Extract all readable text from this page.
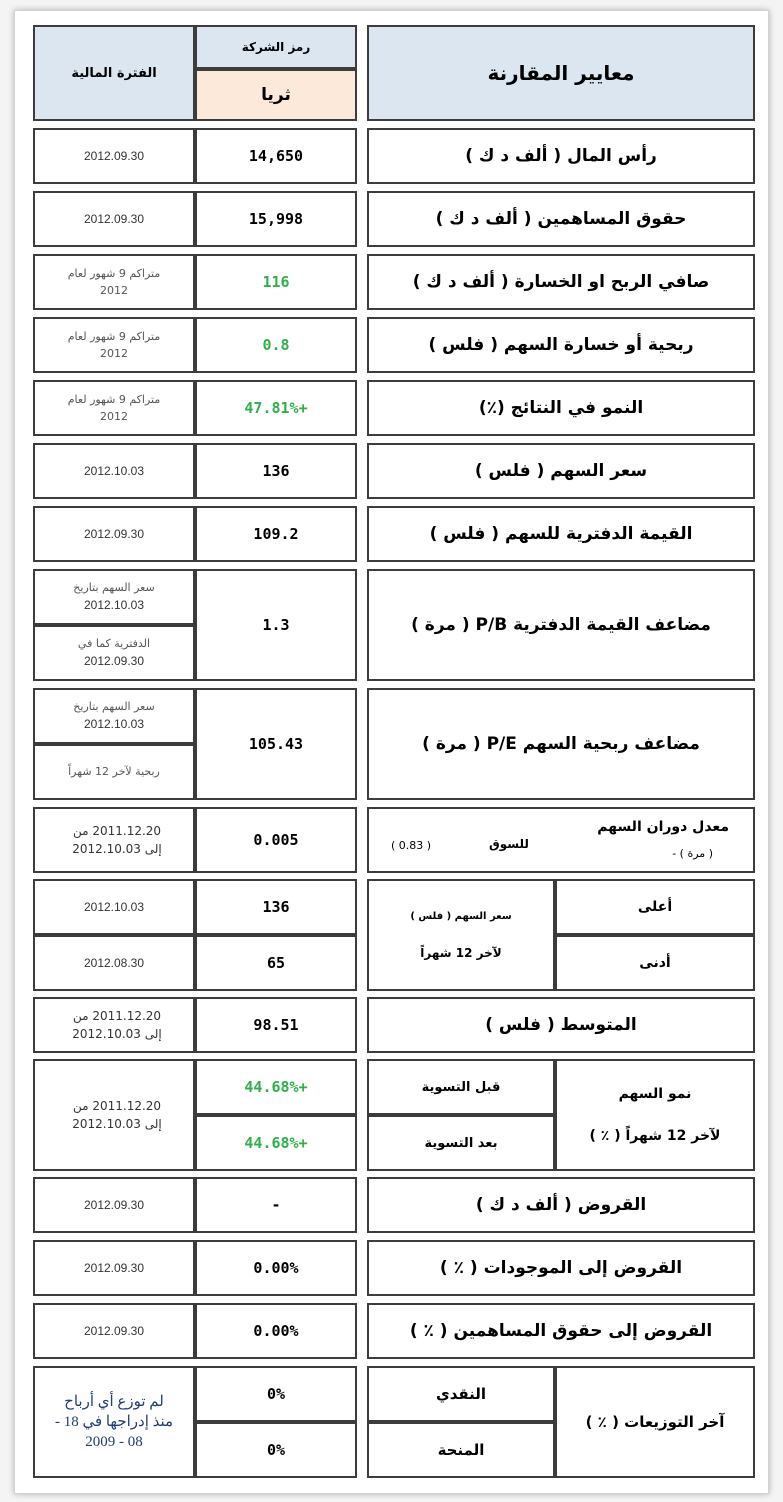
معايير المقارنة
رمز الشركة
ثريا
الفترة المالية
رأس المال ( ألف د ك )
14,650
2012.09.30
حقوق المساهمين ( ألف د ك )
15,998
2012.09.30
صافي الربح او الخسارة ( ألف د ك )
116
متراكم 9 شهور لعام
2012
ربحية أو خسارة السهم ( فلس )
0.8
متراكم 9 شهور لعام
2012
النمو في النتائج (٪)
47.81%+
متراكم 9 شهور لعام
2012
سعر السهم ( فلس )
136
2012.10.03
القيمة الدفترية للسهم ( فلس )
109.2
2012.09.30
مضاعف القيمة الدفترية P/B ( مرة )
1.3
سعر السهم بتاريخ
2012.10.03
الدفترية كما في
2012.09.30
مضاعف ربحية السهم P/E ( مرة )
105.43
سعر السهم بتاريخ
2012.10.03
ربحية لآخر 12 شهراً
معدل دوران السهم
( مرة ) -
للسوق
( 0.83 )
0.005
2011.12.20 من
إلى 2012.10.03
أعلى
أدنى
سعر السهم ( فلس )
لآخر 12 شهراً
136
65
2012.10.03
2012.08.30
المتوسط ( فلس )
98.51
2011.12.20 من
إلى 2012.10.03
نمو السهم
لآخر 12 شهراً ( ٪ )
قبل التسوية
بعد التسوية
44.68%+
44.68%+
2011.12.20 من
إلى 2012.10.03
القروض ( ألف د ك )
-
2012.09.30
القروض إلى الموجودات ( ٪ )
0.00%
2012.09.30
القروض إلى حقوق المساهمين ( ٪ )
0.00%
2012.09.30
آخر التوزيعات ( ٪ )
النقدي
المنحة
0%
0%
لم توزع أي أرباح منذ إدراجها في 18 - 08 - 2009
